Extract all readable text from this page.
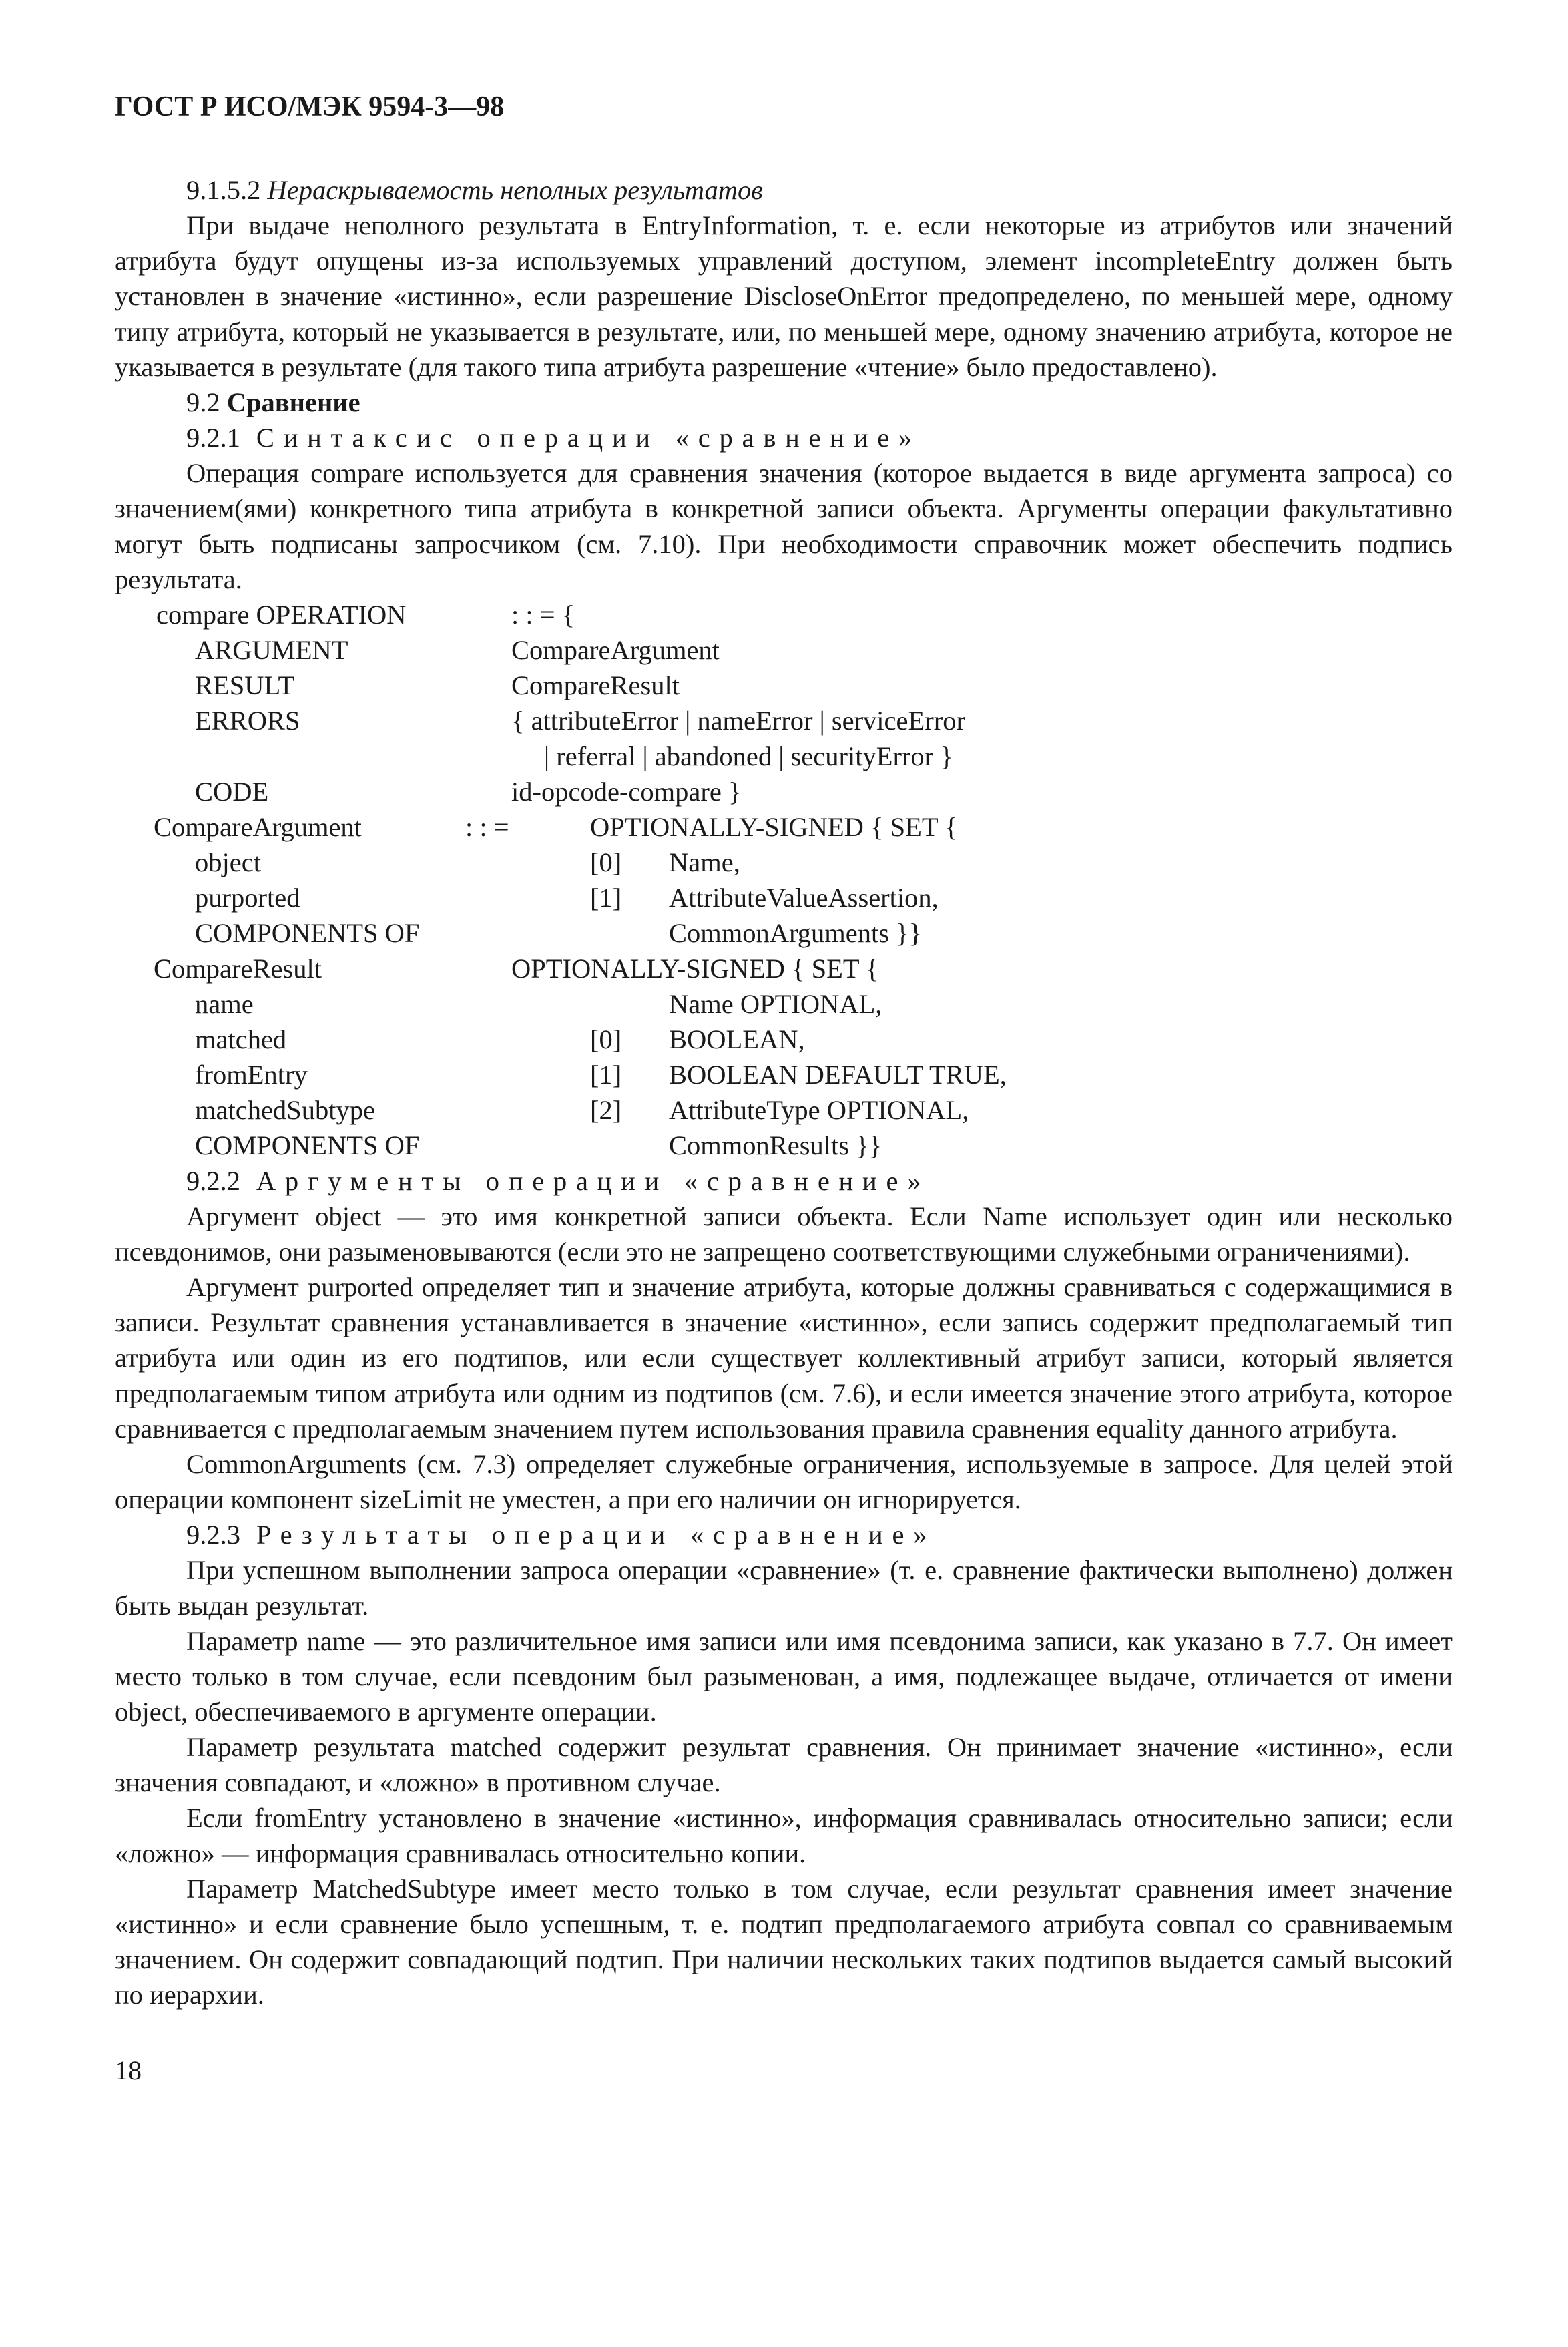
ГОСТ Р ИСО/МЭК 9594-3—98
9.1.5.2 Нераскрываемость неполных результатов

При выдаче неполного результата в EntryInformation, т. е. если некоторые из атрибутов или значений атрибута будут опущены из-за используемых управлений доступом, элемент incompleteEntry должен быть установлен в значение «истинно», если разрешение DiscloseOnError предопределено, по меньшей мере, одному типу атрибута, который не указывается в результате, или, по меньшей мере, одному значению атрибута, которое не указывается в результате (для такого типа атрибута разрешение «чтение» было предоставлено).

9.2 Сравнение
9.2.1 Синтаксис операции «сравнение»

Операция compare используется для сравнения значения (которое выдается в виде аргумента запроса) со значением(ями) конкретного типа атрибута в конкретной записи объекта. Аргументы операции факультативно могут быть подписаны запросчиком (см. 7.10). При необходимости справочник может обеспечить подпись результата.

compare OPERATION	: : = {
ARGUMENT	CompareArgument
RESULT	CompareResult
ERRORS	{ attributeError | nameError | serviceError
| referral | abandoned | securityError }
CODE	id-opcode-compare }
CompareArgument	: : =	OPTIONALLY-SIGNED { SET {
object	[0] Name,
purported	[1] AttributeValueAssertion,
COMPONENTS OF	CommonArguments }}
CompareResult	OPTIONALLY-SIGNED { SET {
name	Name OPTIONAL,
matched	[0] BOOLEAN,
fromEntry	[1] BOOLEAN DEFAULT TRUE,
matchedSubtype	[2] AttributeType OPTIONAL,
COMPONENTS OF	CommonResults }}
9.2.2 Аргументы операции «сравнение»

Аргумент object — это имя конкретной записи объекта. Если Name использует один или несколько псевдонимов, они разыменовываются (если это не запрещено соответствующими служебными ограничениями).

Аргумент purported определяет тип и значение атрибута, которые должны сравниваться с содержащимися в записи. Результат сравнения устанавливается в значение «истинно», если запись содержит предполагаемый тип атрибута или один из его подтипов, или если существует коллективный атрибут записи, который является предполагаемым типом атрибута или одним из подтипов (см. 7.6), и если имеется значение этого атрибута, которое сравнивается с предполагаемым значением путем использования правила сравнения equality данного атрибута.

CommonArguments (см. 7.3) определяет служебные ограничения, используемые в запросе. Для целей этой операции компонент sizeLimit не уместен, а при его наличии он игнорируется.

9.2.3 Результаты операции «сравнение»

При успешном выполнении запроса операции «сравнение» (т. е. сравнение фактически выполнено) должен быть выдан результат.

Параметр name — это различительное имя записи или имя псевдонима записи, как указано в 7.7. Он имеет место только в том случае, если псевдоним был разыменован, а имя, подлежащее выдаче, отличается от имени object, обеспечиваемого в аргументе операции.

Параметр результата matched содержит результат сравнения. Он принимает значение «истинно», если значения совпадают, и «ложно» в противном случае.

Если fromEntry установлено в значение «истинно», информация сравнивалась относительно записи; если «ложно» — информация сравнивалась относительно копии.

Параметр MatchedSubtype имеет место только в том случае, если результат сравнения имеет значение «истинно» и если сравнение было успешным, т. е. подтип предполагаемого атрибута совпал со сравниваемым значением. Он содержит совпадающий подтип. При наличии нескольких таких подтипов выдается самый высокий по иерархии.

18
